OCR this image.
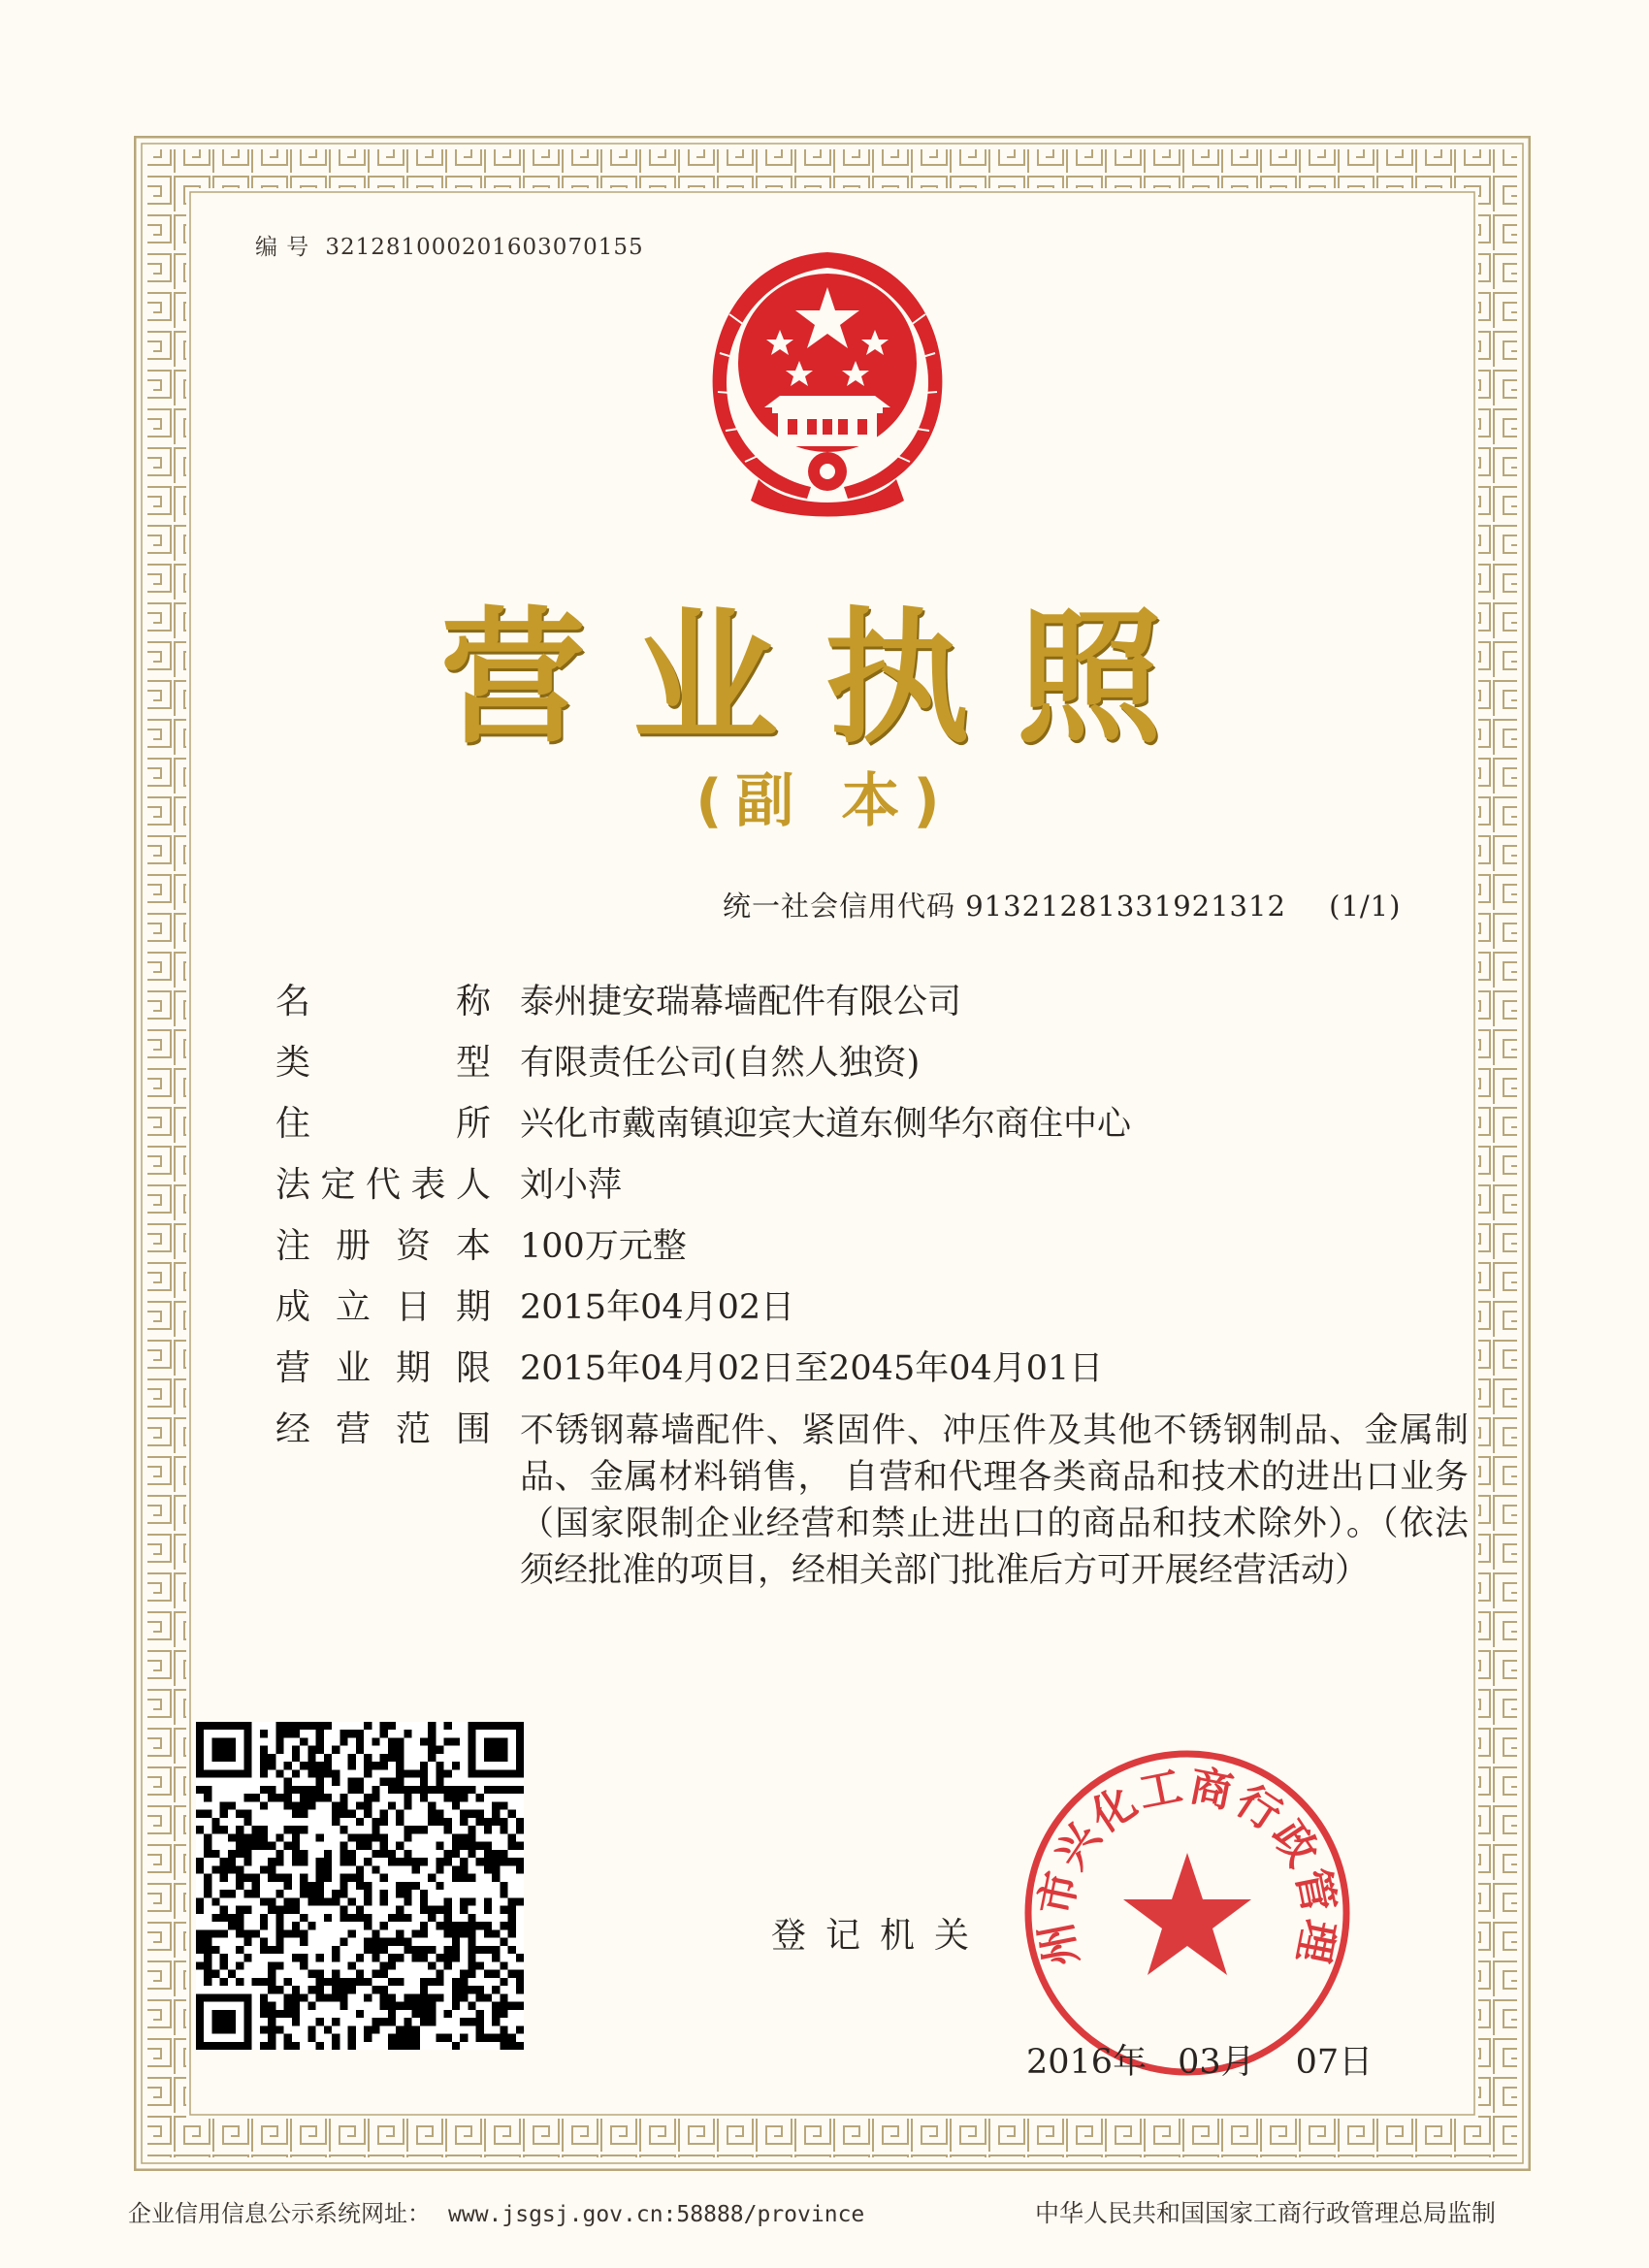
编 号 321281000201603070155
营业执照
(副 本)
统一社会信用代码 91321281331921312 (1/1)
名	称 泰州捷安瑞幕墙配件有限公司
类	型 有限责任公司(自然人独资)
住	所 兴化市戴南镇迎宾大道东侧华尔商住中心
法 定 代 表 人 刘小萍
注 册 资 本 100万元整
成 立 日 期 2015年04月02日
营 业 期 限 2015年04月02日至2045年04月01日
经 营 范 围 不锈钢幕墙配件、紧固件、冲压件及其他不锈钢制品、金属制品、金属材料销售， 自营和代理各类商品和技术的进出口业务（国家限制企业经营和禁止进出口的商品和技术除外）。（依法须经批准的项目，经相关部门批准后方可开展经营活动）
登记机关 州市兴化工商行政管理
2016年 03月 07日
企业信用信息公示系统网址： www.jsgsj.gov.cn:58888/province	中华人民共和国国家工商行政管理总局监制
